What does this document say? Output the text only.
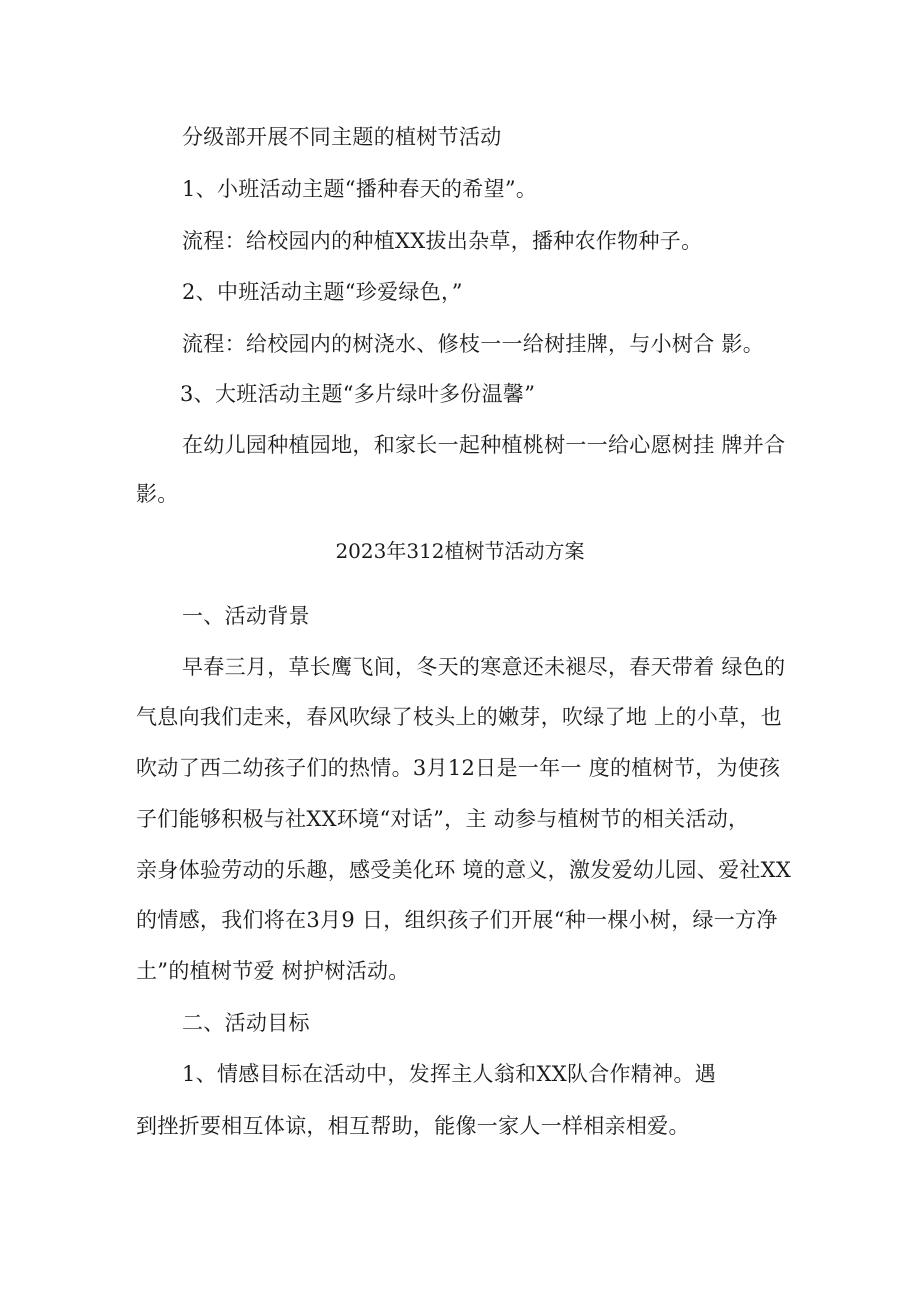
分级部开展不同主题的植树节活动
1、小班活动主题“播种春天的希望”。
流程：给校园内的种植XX拔出杂草，播种农作物种子。
2、中班活动主题“珍爱绿色，”
流程：给校园内的树浇水、修枝一一给树挂牌，与小树合 影。
3、大班活动主题“多片绿叶多份温馨”
在幼儿园种植园地，和家长一起种植桃树一一给心愿树挂 牌并合
影。
2023年312植树节活动方案
一、活动背景
早春三月，草长鹰飞间，冬天的寒意还未褪尽，春天带着 绿色的
气息向我们走来，春风吹绿了枝头上的嫩芽，吹绿了地 上的小草，也
吹动了西二幼孩子们的热情。3月12日是一年一 度的植树节，为使孩
子们能够积极与社XX环境“对话”，主 动参与植树节的相关活动，
亲身体验劳动的乐趣，感受美化环 境的意义，激发爱幼儿园、爱社XX
的情感，我们将在3月9 日，组织孩子们开展“种一棵小树，绿一方净
土”的植树节爱 树护树活动。
二、活动目标
1、情感目标在活动中，发挥主人翁和XX队合作精神。遇
到挫折要相互体谅，相互帮助，能像一家人一样相亲相爱。
